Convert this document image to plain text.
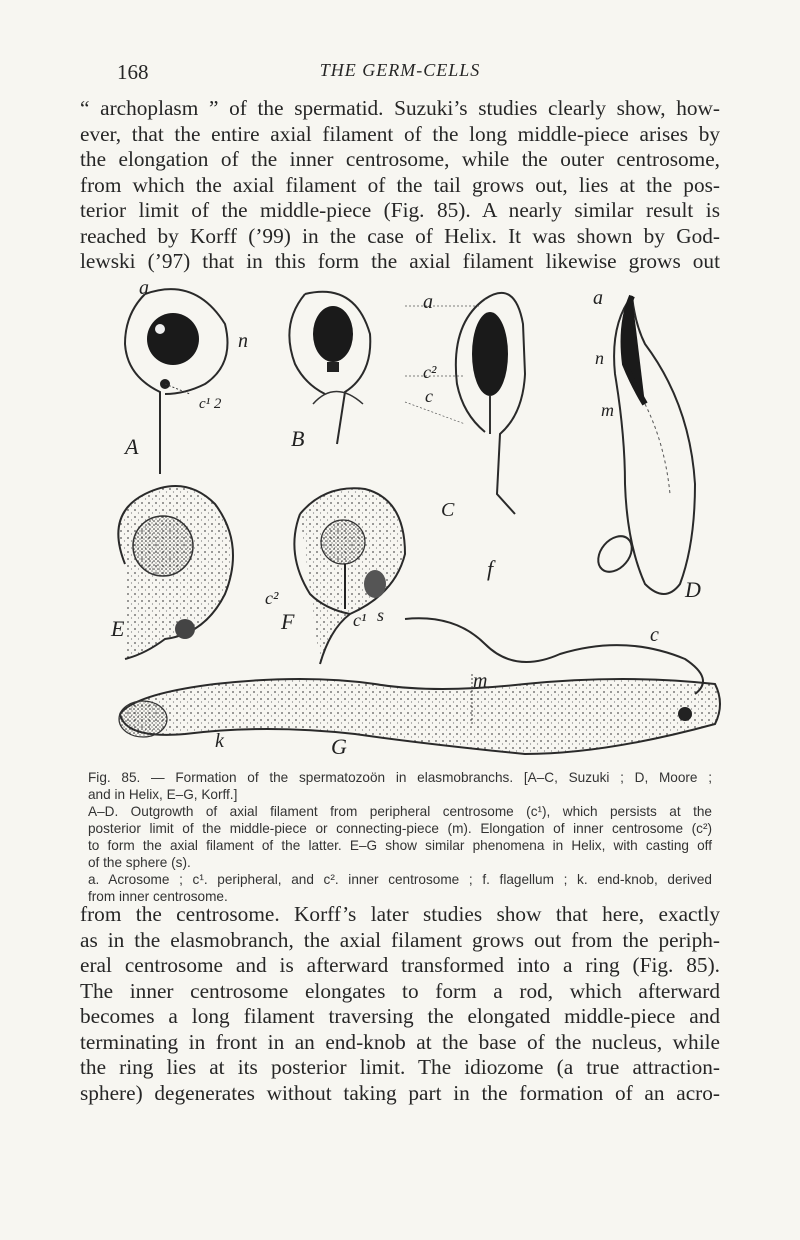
168	THE GERM-CELLS
“ archoplasm ” of the spermatid. Suzuki’s studies clearly show, how-
ever, that the entire axial filament of the long middle-piece arises by
the elongation of the inner centrosome, while the outer centrosome,
from which the axial filament of the tail grows out, lies at the pos-
terior limit of the middle-piece (Fig. 85). A nearly similar result is
reached by Korff (’99) in the case of Helix. It was shown by God-
lewski (’97) that in this form the axial filament likewise grows out
a
n
c¹ 2
A	B
a
c²
c
C
f
a
n
m
D
c
E
c²
F	c¹ s
m
k	G
Fig. 85. — Formation of the spermatozoön in elasmobranchs. [A–C, Suzuki ; D, Moore ;
and in Helix, E–G, Korff.]
A–D. Outgrowth of axial filament from peripheral centrosome (c¹), which persists at the
posterior limit of the middle-piece or connecting-piece (m). Elongation of inner centrosome (c²)
to form the axial filament of the latter. E–G show similar phenomena in Helix, with casting off
of the sphere (s).
a. Acrosome ; c¹. peripheral, and c². inner centrosome ; f. flagellum ; k. end-knob, derived
from inner centrosome.
from the centrosome. Korff’s later studies show that here, exactly
as in the elasmobranch, the axial filament grows out from the periph-
eral centrosome and is afterward transformed into a ring (Fig. 85).
The inner centrosome elongates to form a rod, which afterward
becomes a long filament traversing the elongated middle-piece and
terminating in front in an end-knob at the base of the nucleus, while
the ring lies at its posterior limit. The idiozome (a true attraction-
sphere) degenerates without taking part in the formation of an acro-
